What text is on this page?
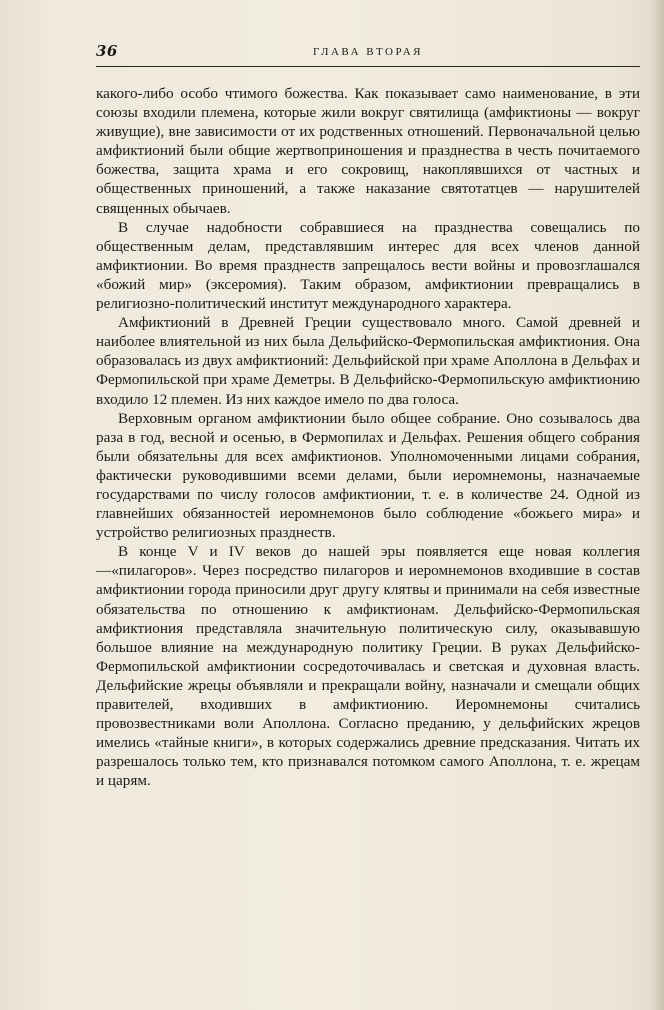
36	ГЛАВА ВТОРАЯ

какого-либо особо чтимого божества. Как показывает само наименование, в эти союзы входили племена, которые жили вокруг святилища (амфиктионы — вокруг живущие), вне зависимости от их родственных отношений. Первоначальной целью амфиктионий были общие жертвоприношения и празднества в честь почитаемого божества, защита храма и его сокровищ, накоплявшихся от частных и общественных приношений, а также наказание святотатцев — нарушителей священных обычаев.

В случае надобности собравшиеся на празднества совещались по общественным делам, представлявшим интерес для всех членов данной амфиктионии. Во время празднеств запрещалось вести войны и провозглашался «божий мир» (эксеромия). Таким образом, амфиктионии превращались в религиозно-политический институт международного характера.

Амфиктионий в Древней Греции существовало много. Самой древней и наиболее влиятельной из них была Дельфийско-Фермопильская амфиктиония. Она образовалась из двух амфиктионий: Дельфийской при храме Аполлона в Дельфах и Фермопильской при храме Деметры. В Дельфийско-Фермопильскую амфиктионию входило 12 племен. Из них каждое имело по два голоса.

Верховным органом амфиктионии было общее собрание. Оно созывалось два раза в год, весной и осенью, в Фермопилах и Дельфах. Решения общего собрания были обязательны для всех амфиктионов. Уполномоченными лицами собрания, фактически руководившими всеми делами, были иеромнемоны, назначаемые государствами по числу голосов амфиктионии, т. е. в количестве 24. Одной из главнейших обязанностей иеромнемонов было соблюдение «божьего мира» и устройство религиозных празднеств.

В конце V и IV веков до нашей эры появляется еще новая коллегия —«пилагоров». Через посредство пилагоров и иеромнемонов входившие в состав амфиктионии города приносили друг другу клятвы и принимали на себя известные обязательства по отношению к амфиктионам. Дельфийско-Фермопильская амфиктиония представляла значительную политическую силу, оказывавшую большое влияние на международную политику Греции. В руках Дельфийско-Фермопильской амфиктионии сосредоточивалась и светская и духовная власть. Дельфийские жрецы объявляли и прекращали войну, назначали и смещали общих правителей, входивших в амфиктионию. Иеромнемоны считались провозвестниками воли Аполлона. Согласно преданию, у дельфийских жрецов имелись «тайные книги», в которых содержались древние предсказания. Читать их разрешалось только тем, кто признавался потомком самого Аполлона, т. е. жрецам и царям.
